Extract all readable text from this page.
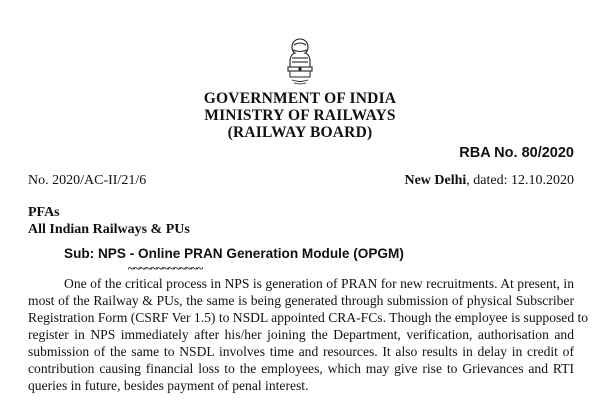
GOVERNMENT OF INDIA
MINISTRY OF RAILWAYS
(RAILWAY BOARD)
RBA No. 80/2020
No. 2020/AC-II/21/6	New Delhi, dated: 12.10.2020
PFAs
All Indian Railways & PUs
Sub: NPS - Online PRAN Generation Module (OPGM)
~~~~~~~~~~~~~
One of the critical process in NPS is generation of PRAN for new recruitments. At present, in
most of the Railway & PUs, the same is being generated through submission of physical Subscriber
Registration Form (CSRF Ver 1.5) to NSDL appointed CRA-FCs. Though the employee is supposed to
register in NPS immediately after his/her joining the Department, verification, authorisation and
submission of the same to NSDL involves time and resources. It also results in delay in credit of
contribution causing financial loss to the employees, which may give rise to Grievances and RTI
queries in future, besides payment of penal interest.
